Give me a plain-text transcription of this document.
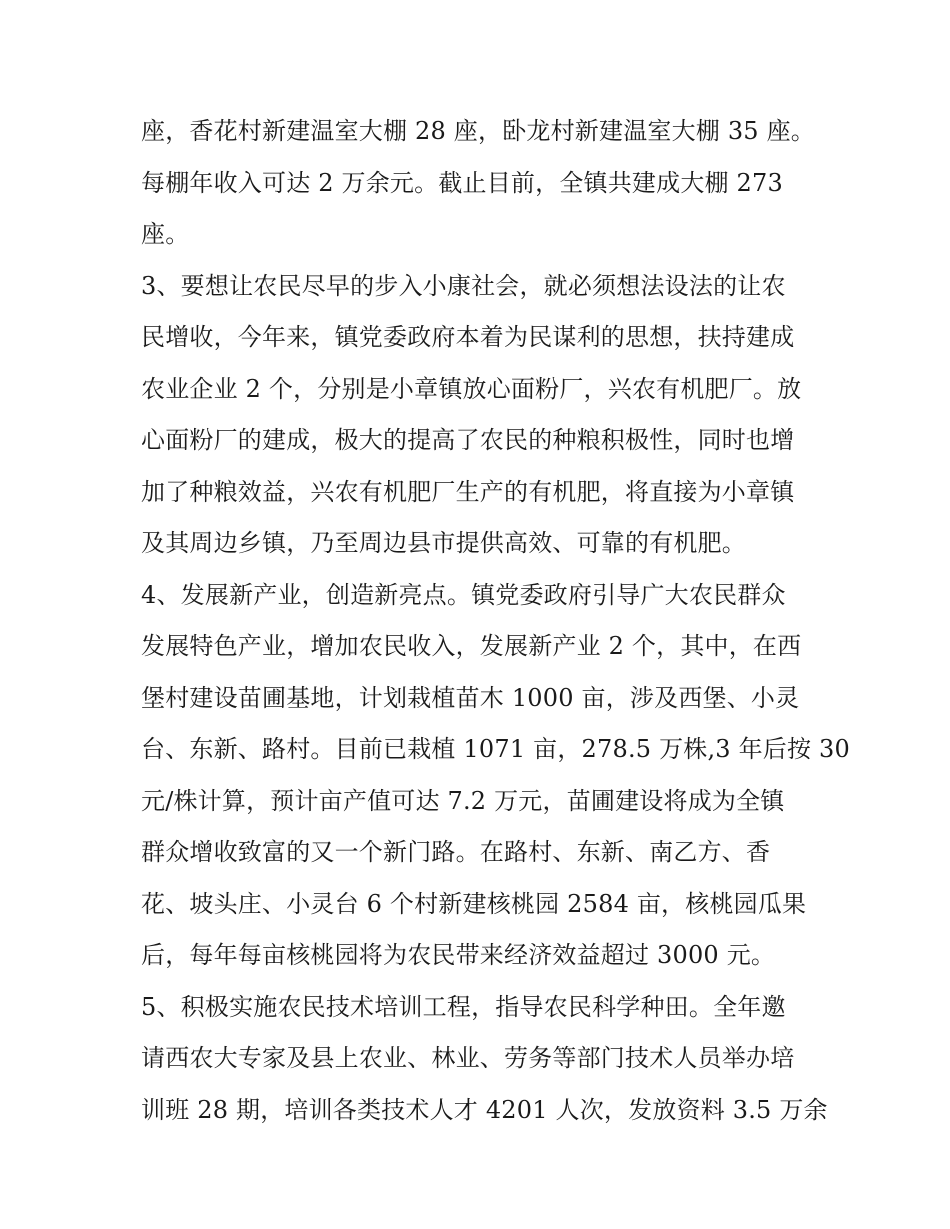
座，香花村新建温室大棚 28 座，卧龙村新建温室大棚 35 座。
每棚年收入可达 2 万余元。截止目前，全镇共建成大棚 273
座。
3、要想让农民尽早的步入小康社会，就必须想法设法的让农
民增收，今年来，镇党委政府本着为民谋利的思想，扶持建成
农业企业 2 个，分别是小章镇放心面粉厂，兴农有机肥厂。放
心面粉厂的建成，极大的提高了农民的种粮积极性，同时也增
加了种粮效益，兴农有机肥厂生产的有机肥，将直接为小章镇
及其周边乡镇，乃至周边县市提供高效、可靠的有机肥。
4、发展新产业，创造新亮点。镇党委政府引导广大农民群众
发展特色产业，增加农民收入，发展新产业 2 个，其中，在西
堡村建设苗圃基地，计划栽植苗木 1000 亩，涉及西堡、小灵
台、东新、路村。目前已栽植 1071 亩，278.5 万株,3 年后按 30
元/株计算，预计亩产值可达 7.2 万元，苗圃建设将成为全镇
群众增收致富的又一个新门路。在路村、东新、南乙方、香
花、坡头庄、小灵台 6 个村新建核桃园 2584 亩，核桃园瓜果
后，每年每亩核桃园将为农民带来经济效益超过 3000 元。
5、积极实施农民技术培训工程，指导农民科学种田。全年邀
请西农大专家及县上农业、林业、劳务等部门技术人员举办培
训班 28 期，培训各类技术人才 4201 人次，发放资料 3.5 万余
